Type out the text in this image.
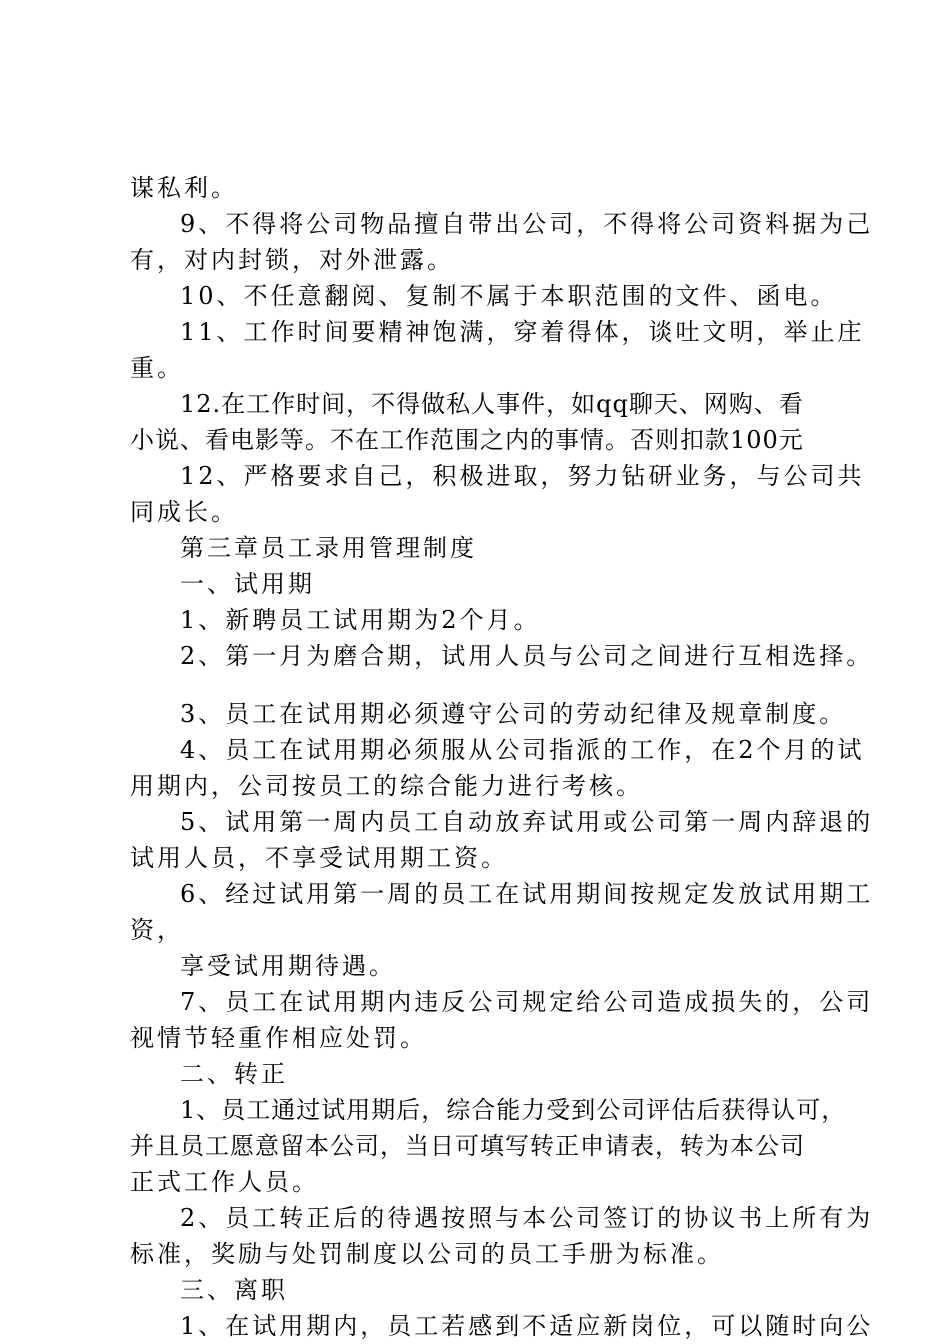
谋私利。
9、不得将公司物品擅自带出公司，不得将公司资料据为己
有，对内封锁，对外泄露。
10、不任意翻阅、复制不属于本职范围的文件、函电。
11、工作时间要精神饱满，穿着得体，谈吐文明，举止庄
重。
12.在工作时间，不得做私人事件，如qq聊天、网购、看
小说、看电影等。不在工作范围之内的事情。否则扣款100元
12、严格要求自己，积极进取，努力钻研业务，与公司共
同成长。
第三章员工录用管理制度
一、试用期
1、新聘员工试用期为2个月。
2、第一月为磨合期，试用人员与公司之间进行互相选择。
3、员工在试用期必须遵守公司的劳动纪律及规章制度。
4、员工在试用期必须服从公司指派的工作，在2个月的试
用期内，公司按员工的综合能力进行考核。
5、试用第一周内员工自动放弃试用或公司第一周内辞退的
试用人员，不享受试用期工资。
6、经过试用第一周的员工在试用期间按规定发放试用期工
资，
享受试用期待遇。
7、员工在试用期内违反公司规定给公司造成损失的，公司
视情节轻重作相应处罚。
二、转正
1、员工通过试用期后，综合能力受到公司评估后获得认可，
并且员工愿意留本公司，当日可填写转正申请表，转为本公司
正式工作人员。
2、员工转正后的待遇按照与本公司签订的协议书上所有为
标准，奖励与处罚制度以公司的员工手册为标准。
三、离职
1、在试用期内，员工若感到不适应新岗位，可以随时向公
